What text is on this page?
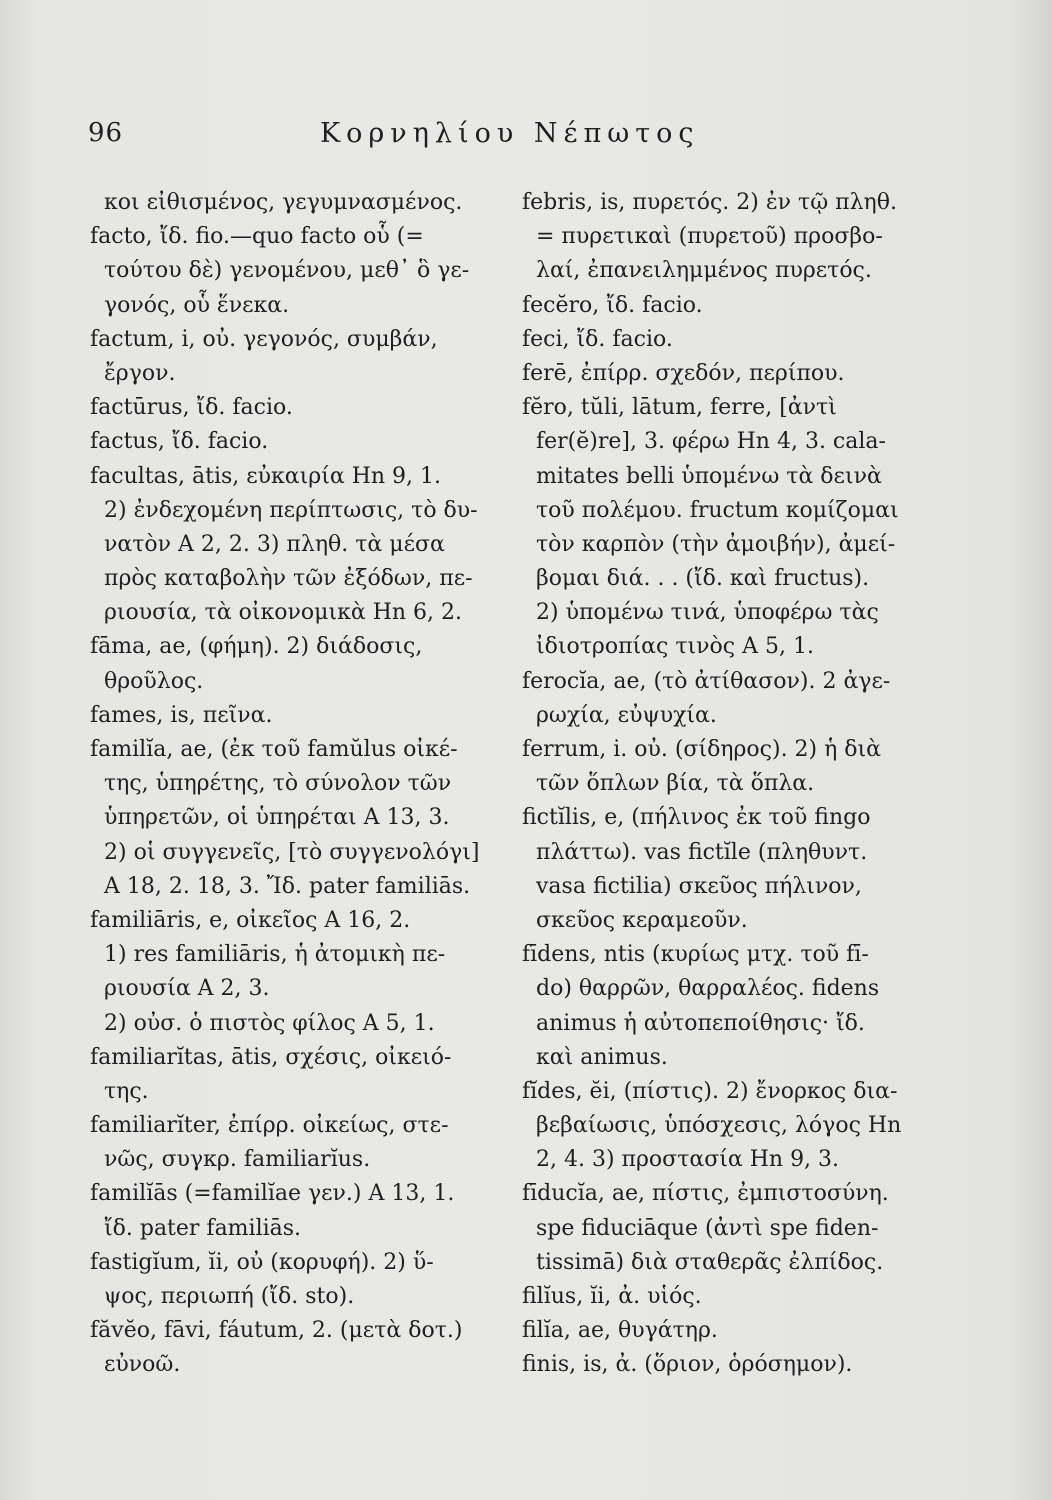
96	Κορνηλίου Νέπωτος
κοι εἰθισμένος, γεγυμνασμένος.
facto, ἴδ. fio.—quo facto οὗ (=
τούτου δὲ) γενομένου, μεθ᾽ ὃ γε-
γονός, οὗ ἕνεκα.
factum, i, οὐ. γεγονός, συμβάν,
ἔργον.
factūrus, ἴδ. facio.
factus, ἴδ. facio.
facultas, ātis, εὐκαιρία Hn 9, 1.
2) ἐνδεχομένη περίπτωσις, τὸ δυ-
νατὸν A 2, 2. 3) πληθ. τὰ μέσα
πρὸς καταβολὴν τῶν ἐξόδων, πε-
ριουσία, τὰ οἰκονομικὰ Hn 6, 2.
fāma, ae, (φήμη). 2) διάδοσις,
θροῦλος.
fames, is, πεῖνα.
familĭa, ae, (ἐκ τοῦ famŭlus οἰκέ-
της, ὑπηρέτης, τὸ σύνολον τῶν
ὑπηρετῶν, οἱ ὑπηρέται A 13, 3.
2) οἱ συγγενεῖς, [τὸ συγγενολόγι]
A 18, 2. 18, 3. Ἴδ. pater familiās.
familiāris, e, οἰκεῖος A 16, 2.
1) res familiāris, ἡ ἀτομικὴ πε-
ριουσία A 2, 3.
2) οὐσ. ὁ πιστὸς φίλος A 5, 1.
familiarĭtas, ātis, σχέσις, οἰκειό-
της.
familiarĭter, ἐπίρρ. οἰκείως, στε-
νῶς, συγκρ. familiarĭus.
familĭās (=familĭae γεν.) A 13, 1.
ἴδ. pater familiās.
fastigĭum, ĭi, οὐ (κορυφή). 2) ὕ-
ψος, περιωπή (ἴδ. sto).
făvĕo, fāvi, fáutum, 2. (μετὰ δοτ.)
εὐνοῶ.
febris, is, πυρετός. 2) ἐν τῷ πληθ.
= πυρετικαὶ (πυρετοῦ) προσβο-
λαί, ἐπανειλημμένος πυρετός.
fecĕro, ἴδ. facio.
feci, ἴδ. facio.
ferē, ἐπίρρ. σχεδόν, περίπου.
fĕro, tŭli, lātum, ferre, [ἀντὶ
fer(ĕ)re], 3. φέρω Hn 4, 3. cala-
mitates belli ὑπομένω τὰ δεινὰ
τοῦ πολέμου. fructum κομίζομαι
τὸν καρπὸν (τὴν ἀμοιβήν), ἀμεί-
βομαι διά. . . (ἴδ. καὶ fructus).
2) ὑπομένω τινά, ὑποφέρω τὰς
ἰδιοτροπίας τινὸς A 5, 1.
ferocĭa, ae, (τὸ ἀτίθασον). 2 ἀγε-
ρωχία, εὐψυχία.
ferrum, i. οὐ. (σίδηρος). 2) ἡ διὰ
τῶν ὅπλων βία, τὰ ὅπλα.
fictĭlis, e, (πήλινος ἐκ τοῦ fingo
πλάττω). vas fictĭle (πληθυντ.
vasa fictilia) σκεῦος πήλινον,
σκεῦος κεραμεοῦν.
fīdens, ntis (κυρίως μτχ. τοῦ fī-
do) θαρρῶν, θαρραλέος. fidens
animus ἡ αὐτοπεποίθησις· ἴδ.
καὶ animus.
fĭdes, ĕi, (πίστις). 2) ἔνορκος δια-
βεβαίωσις, ὑπόσχεσις, λόγος Hn
2, 4. 3) προστασία Hn 9, 3.
fīducĭa, ae, πίστις, ἐμπιστοσύνη.
spe fiduciāque (ἀντὶ spe fiden-
tissimā) διὰ σταθερᾶς ἐλπίδος.
filĭus, ĭi, ἀ. υἱός.
filĭa, ae, θυγάτηρ.
finis, is, ἀ. (ὅριον, ὁρόσημον).
